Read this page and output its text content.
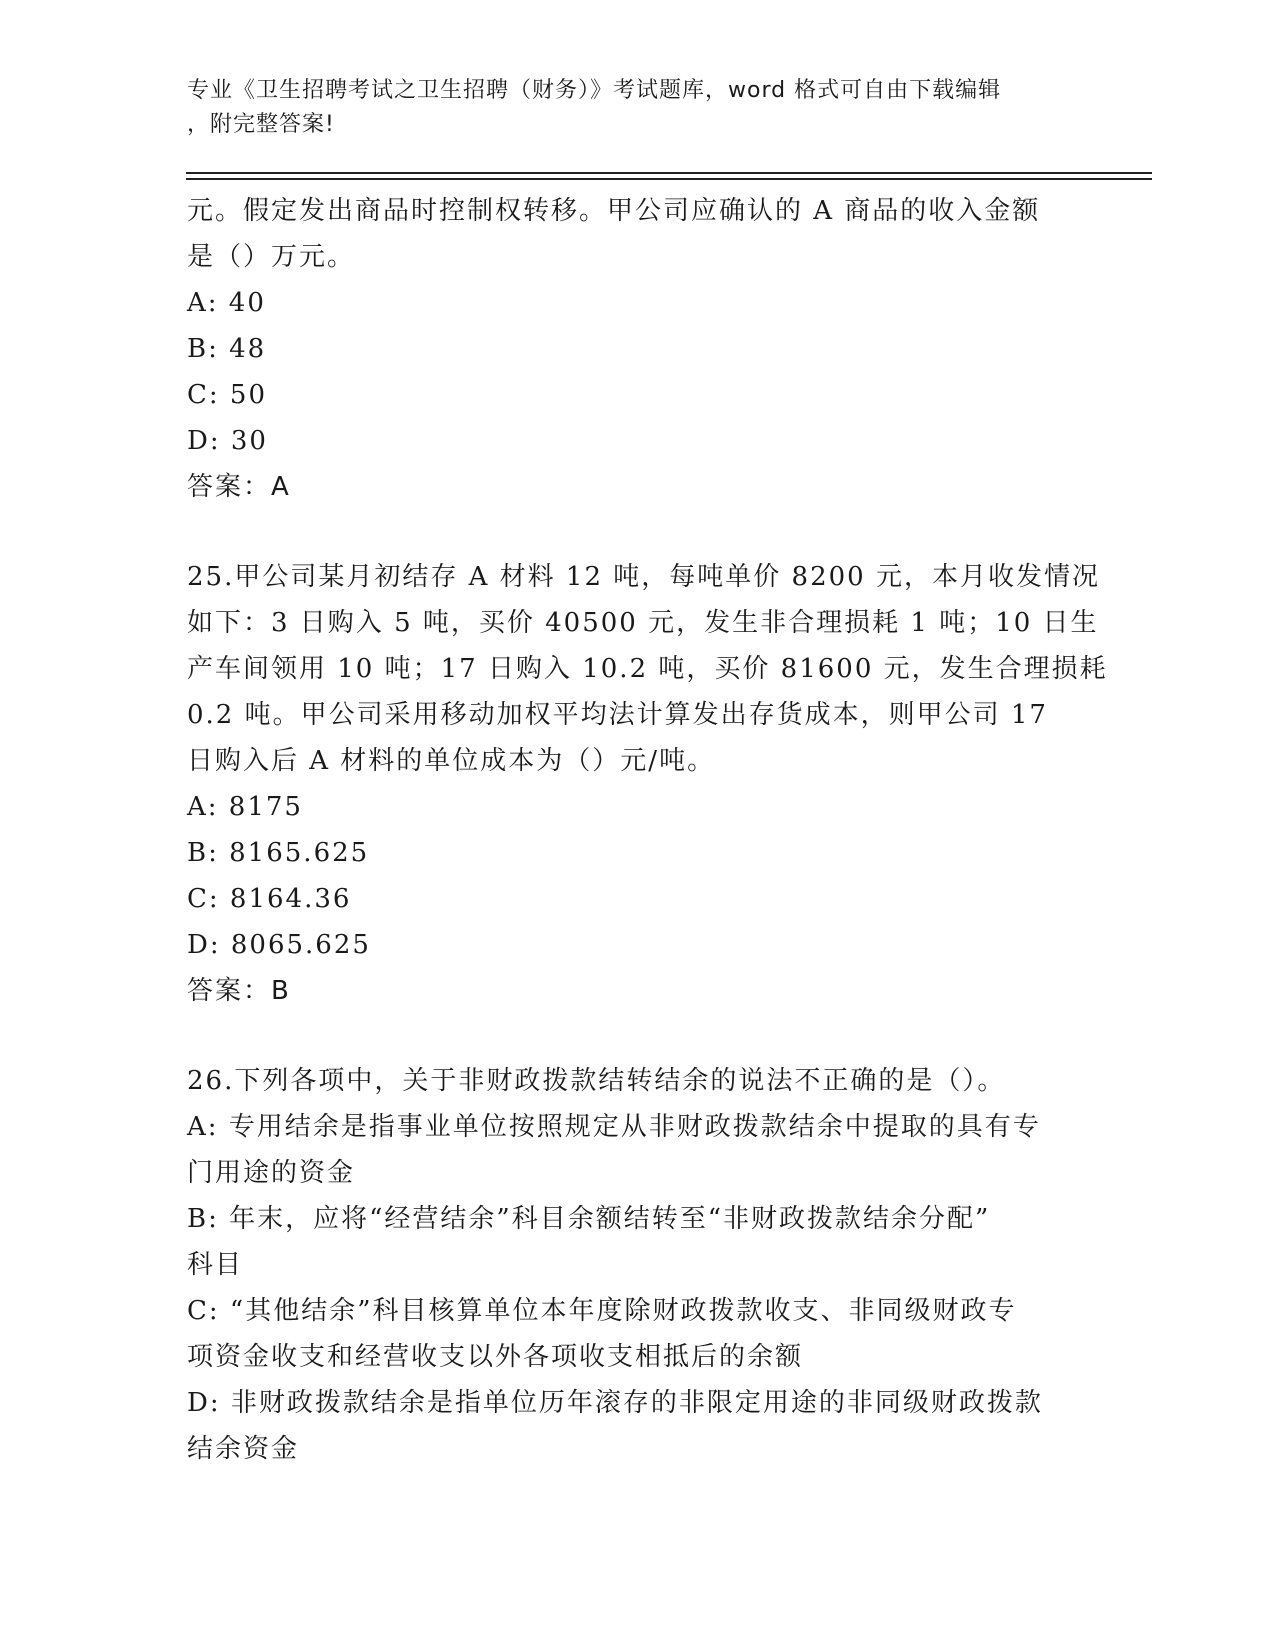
专业《卫生招聘考试之卫生招聘（财务）》考试题库，word 格式可自由下载编辑
，附完整答案!
元。假定发出商品时控制权转移。甲公司应确认的 A 商品的收入金额
是（）万元。
A: 40
B: 48
C: 50
D: 30
答案：A
25.甲公司某月初结存 A 材料 12 吨，每吨单价 8200 元，本月收发情况
如下：3 日购入 5 吨，买价 40500 元，发生非合理损耗 1 吨；10 日生
产车间领用 10 吨；17 日购入 10.2 吨，买价 81600 元，发生合理损耗
0.2 吨。甲公司采用移动加权平均法计算发出存货成本，则甲公司 17
日购入后 A 材料的单位成本为（）元/吨。
A: 8175
B: 8165.625
C: 8164.36
D: 8065.625
答案：B
26.下列各项中，关于非财政拨款结转结余的说法不正确的是（）。
A: 专用结余是指事业单位按照规定从非财政拨款结余中提取的具有专
门用途的资金
B: 年末，应将“经营结余”科目余额结转至“非财政拨款结余分配”
科目
C: “其他结余”科目核算单位本年度除财政拨款收支、非同级财政专
项资金收支和经营收支以外各项收支相抵后的余额
D: 非财政拨款结余是指单位历年滚存的非限定用途的非同级财政拨款
结余资金
